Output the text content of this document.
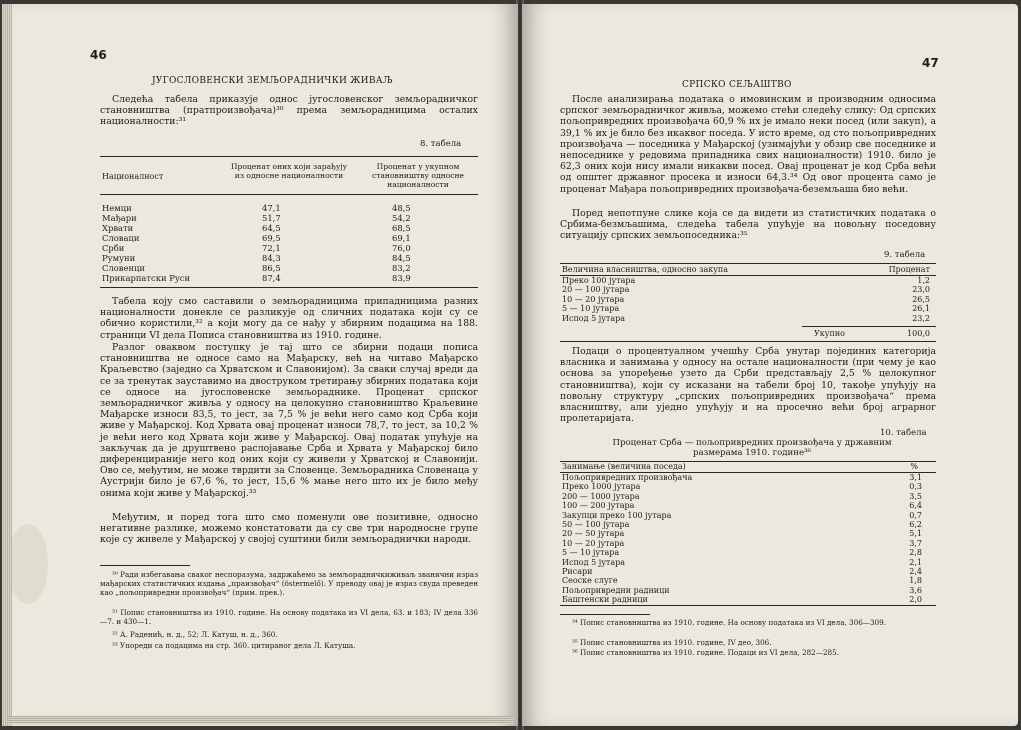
46
ЈУГОСЛОВЕНСКИ ЗЕМЉОРАДНИЧКИ ЖИВАЉ
Следећа табела приказује однос југословенског земљорадничког становништва (пратпроизвођача)³⁰ према земљорадницима осталих националности:³¹
8. табела
Националност
Проценат оних који зарађују из односне националности
Проценат у укупном становништву односне националности
Немци	47,1	48,5
Мађари	51,7	54,2
Хрвати	64,5	68,5
Словаци	69,5	69,1
Срби	72,1	76,0
Румуни	84,3	84,5
Словенци	86,5	83,2
Прикарпатски Руси	87,4	83,9
Табела коју смо саставили о земљорадницима припадницима разних националности донекле се разликује од сличних података који су се обично користили,³² а који могу да се нађу у збирним подацима на 188. страници VI дела Пописа становништва из 1910. године.
Разлог оваквом поступку је тај што се збирни подаци пописа становништва не односе само на Мађарску, већ на читаво Мађарско Краљевство (заједно са Хрватском и Славонијом). За сваки случај вреди да се за тренутак зауставимо на двоструком третирању збирних података који се односе на југословенске земљораднике. Проценат српског земљорадничког живља у односу на целокупно становништво Краљевине Мађарске износи 83,5, то јест, за 7,5 % је већи него само код Срба који живе у Мађарској. Код Хрвата овај проценат износи 78,7, то јест, за 10,2 % је већи него код Хрвата који живе у Мађарској. Овај податак упућује на закључак да је друштвено раслојавање Срба и Хрвата у Мађарској било диференцираније него код оних који су живели у Хрватској и Славонији. Ово се, међутим, не може тврдити за Словенце. Земљорадника Словенаца у Аустрији било је 67,6 %, то јест, 15,6 % мање него што их је било међу онима који живе у Мађарској.³³
Међутим, и поред тога што смо поменули ове позитивне, односно негативне разлике, можемо констатовати да су све три народносне групе које су живеле у Мађарској у својој суштини били земљораднички народи.
³⁰ Ради избегавања сваког неспоразума, задржаћемо за земљорадничкиживаљ званични израз мађарских статистичких издања „праизвођач“ (östermelő). У преводу овај је израз свуда преведен као „пољопривредни произвођач“ (прим. прев.).
³¹ Попис становништва из 1910. године. На основу података из VI дела, 63. и 183; IV дела 336—7. и 430—1.
³² А. Раденић, н. д., 52; Л. Катуш, н. д., 360.
³³ Упореди са подацима на стр. 360. цитираног дела Л. Катуша.
47
СРПСКО СЕЉАШТВО
После анализирања података о имовинским и производним односима српског земљорадничког живља, можемо стећи следећу слику: Од српских пољопривредних произвођача 60,9 % их је имало неки посед (или закуп), а 39,1 % их је било без икаквог поседа. У исто време, од сто пољопривредних произвођача — поседника у Мађарској (узимајући у обзир све поседнике и непоседнике у редовима припадника свих националности) 1910. било је 62,3 оних који нису имали никакви посед. Овај проценат је код Срба већи од општег државног просека и износи 64,3.³⁴ Од овог процента само је проценат Мађара пољопривредних произвођача-беземљаша био већи.
Поред непотпуне слике која се да видети из статистичких података о Србима-безмљашима, следећа табела упућује на повољну поседовну ситуацију српских земљопоседника:³⁵
9. табела
Величина власништва, односно закупа	Проценат
Преко 100 јутара	1,2
20 — 100 јутара	23,0
10 — 20 јутара	26,5
5 — 10 јутара	26,1
Испод 5 јутара	23,2
Укупно	100,0
Подаци о процентуалном учешћу Срба унутар појединих категорија власника и занимања у односу на остале националности (при чему је као основа за упоређење узето да Срби представљају 2,5 % целокупног становништва), који су исказани на табели број 10, такође упућују на повољну структуру „српских пољопривредних произвођача“ према власништву, али уједно упућују и на просечно већи број аграрног пролетаријата.
10. табела
Проценат Срба — пољопривредних произвођача у државним размерама 1910. године³⁶
Занимање (величина поседа)	%
Пољопривредних произвођача	3,1
Преко 1000 јутара	0,3
200 — 1000 јутара	3,5
100 — 200 јутара	6,4
Закупци преко 100 јутара	0,7
50 — 100 јутара	6,2
20 — 50 јутара	5,1
10 — 20 јутара	3,7
5 — 10 јутара	2,8
Испод 5 јутара	2,1
Рисари	2,4
Сеоске слуге	1,8
Пољопривредни радници	3,6
Баштенски радници	2,0
³⁴ Попис становништва из 1910. године. На основу података из VI дела, 306—309.
³⁵ Попис становништва из 1910. године, IV део, 306.
³⁶ Попис становништва из 1910. године. Подаци из VI дела, 282—285.
